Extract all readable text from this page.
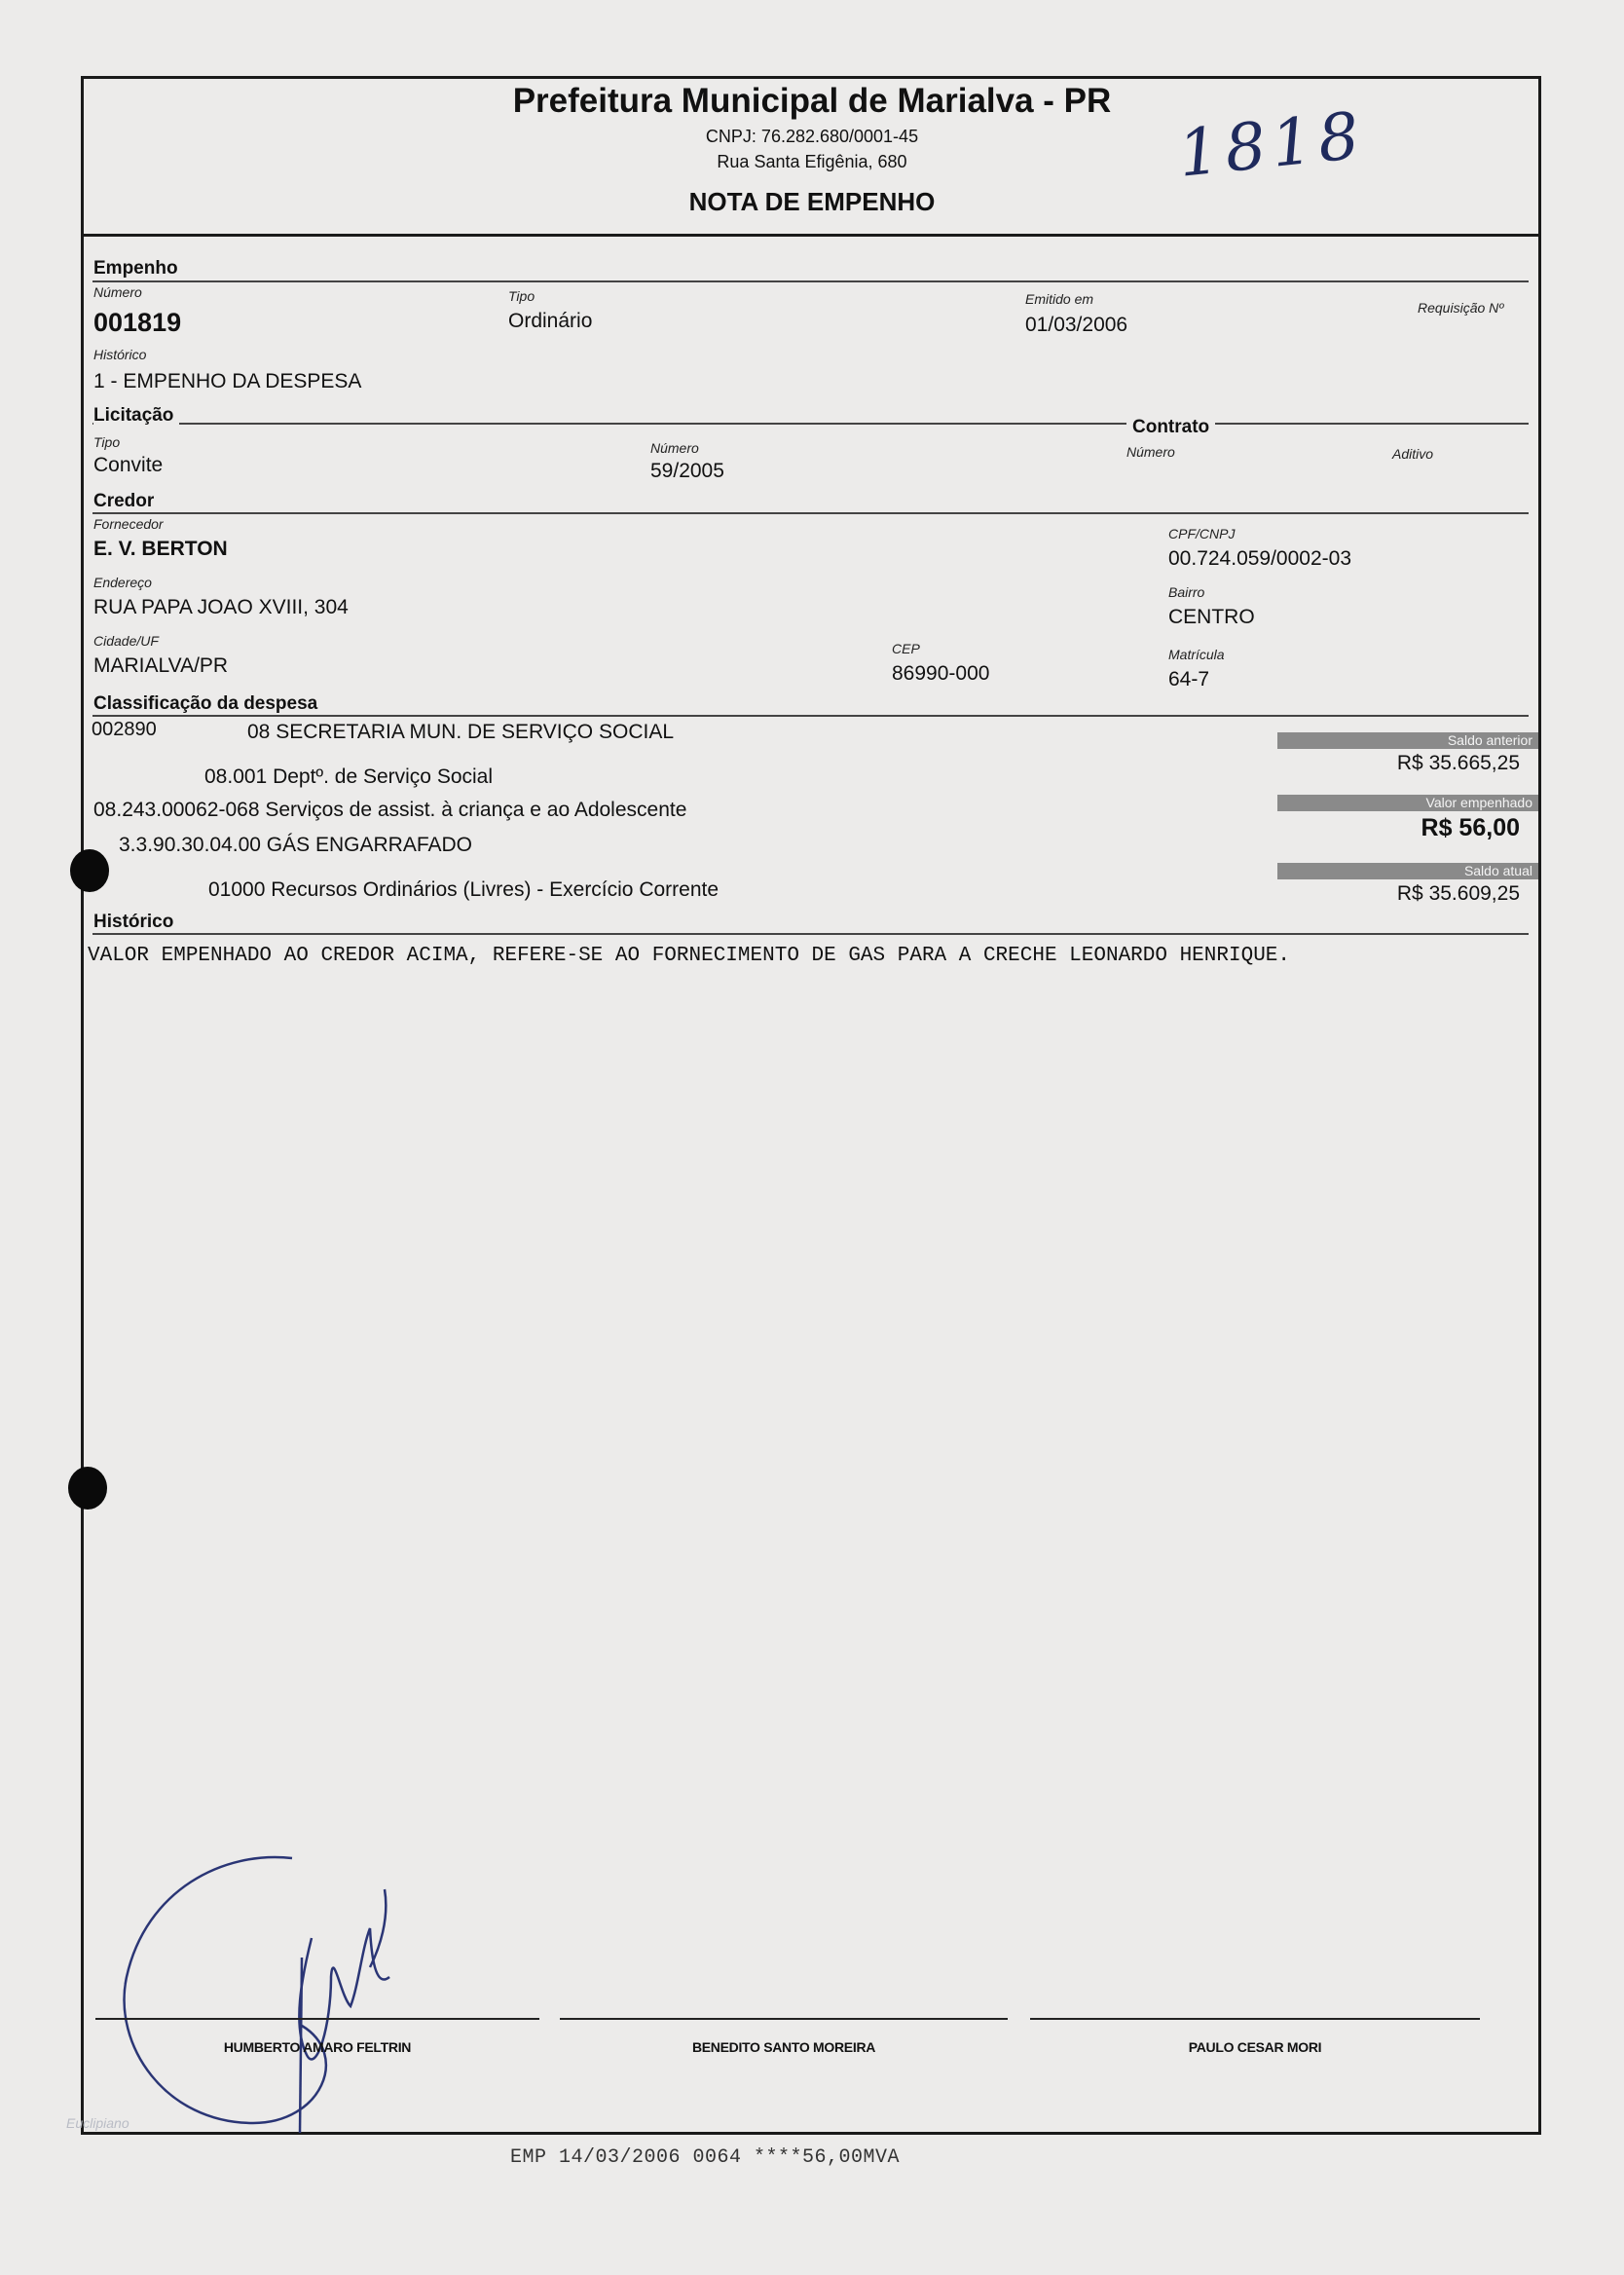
Prefeitura Municipal de Marialva - PR
CNPJ: 76.282.680/0001-45
Rua Santa Efigênia, 680
NOTA DE EMPENHO
1818
Empenho
Número
001819
Tipo
Ordinário
Emitido em
01/03/2006
Requisição Nº
Histórico
1 - EMPENHO DA DESPESA
Licitação
Contrato
Tipo
Convite
Número
59/2005
Número	Aditivo
Credor
Fornecedor
E. V. BERTON
CPF/CNPJ
00.724.059/0002-03
Endereço
RUA PAPA JOAO XVIII, 304
Bairro
CENTRO
Cidade/UF
MARIALVA/PR
CEP
86990-000
Matrícula
64-7
Classificação da despesa
002890	08 SECRETARIA MUN. DE SERVIÇO SOCIAL
08.001 Deptº. de Serviço Social
08.243.00062-068 Serviços de assist. à criança e ao Adolescente
3.3.90.30.04.00 GÁS ENGARRAFADO
01000 Recursos Ordinários (Livres) - Exercício Corrente
Saldo anterior
R$ 35.665,25
Valor empenhado
R$ 56,00
Saldo atual
R$ 35.609,25
Histórico
VALOR EMPENHADO AO CREDOR ACIMA, REFERE-SE AO FORNECIMENTO DE GAS PARA A CRECHE LEONARDO HENRIQUE.
HUMBERTO AMARO FELTRIN	BENEDITO SANTO MOREIRA	PAULO CESAR MORI
Euclipiano
EMP 14/03/2006 0064 ****56,00MVA
